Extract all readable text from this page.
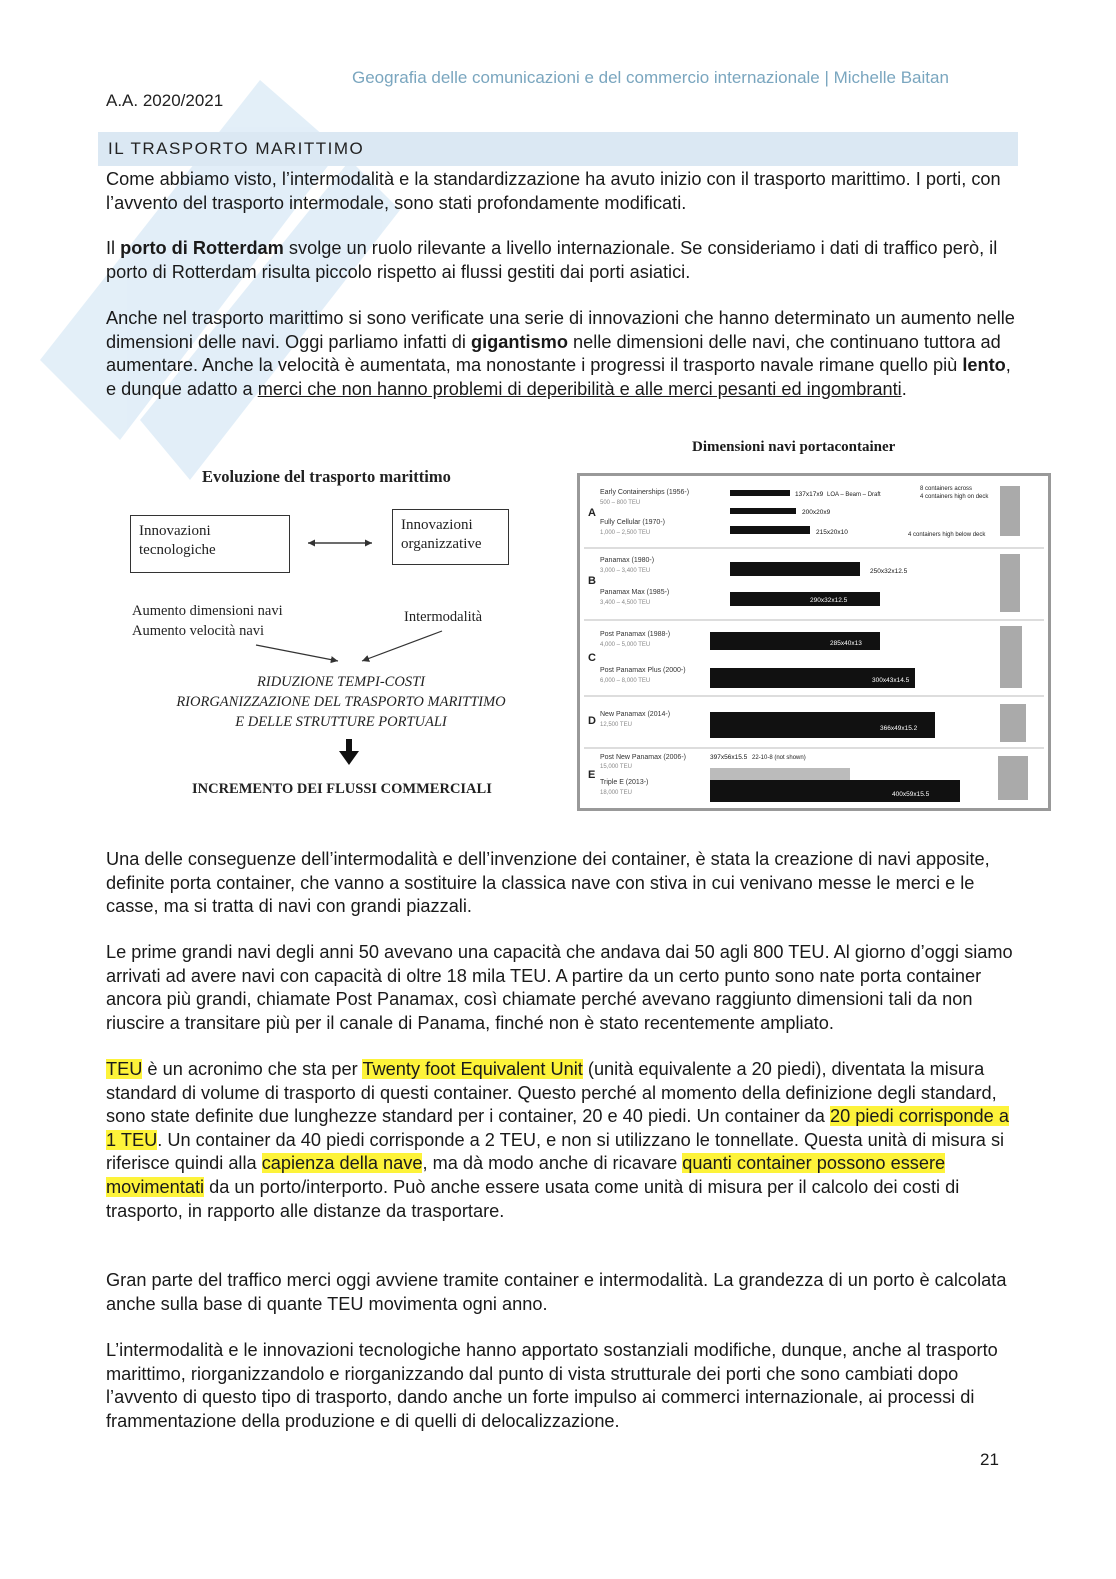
Geografia delle comunicazioni e del commercio internazionale | Michelle Baitan
A.A. 2020/2021
IL TRASPORTO MARITTIMO

Come abbiamo visto, l’intermodalità e la standardizzazione ha avuto inizio con il trasporto marittimo. I porti, con l’avvento del trasporto intermodale, sono stati profondamente modificati.

Il porto di Rotterdam svolge un ruolo rilevante a livello internazionale. Se consideriamo i dati di traffico però, il porto di Rotterdam risulta piccolo rispetto ai flussi gestiti dai porti asiatici.

Anche nel trasporto marittimo si sono verificate una serie di innovazioni che hanno determinato un aumento nelle dimensioni delle navi. Oggi parliamo infatti di gigantismo nelle dimensioni delle navi, che continuano tuttora ad aumentare. Anche la velocità è aumentata, ma nonostante i progressi il trasporto navale rimane quello più lento, e dunque adatto a merci che non hanno problemi di deperibilità e alle merci pesanti ed ingombranti.

Evoluzione del trasporto marittimo
Innovazioni tecnologiche
Innovazioni organizzative
Aumento dimensioni navi
Aumento velocità navi
Intermodalità
RIDUZIONE TEMPI-COSTI
RIORGANIZZAZIONE DEL TRASPORTO MARITTIMO
E DELLE STRUTTURE PORTUALI
INCREMENTO DEI FLUSSI COMMERCIALI
Dimensioni navi portacontainer
A
Early Containerships (1956-)
500 – 800 TEU
137x17x9 LOA – Beam – Draft
8 containers across
4 containers high on deck
200x20x9
Fully Cellular (1970-)
1,000 – 2,500 TEU	215x20x10	4 containers high below deck
B
Panamax (1980-)
3,000 – 3,400 TEU	250x32x12.5
Panamax Max (1985-)
3,400 – 4,500 TEU	290x32x12.5
C
Post Panamax (1988-)
4,000 – 5,000 TEU	285x40x13
Post Panamax Plus (2000-)
6,000 – 8,000 TEU	300x43x14.5
D
New Panamax (2014-)
12,500 TEU	366x49x15.2
E
Post New Panamax (2006-)
15,000 TEU
397x56x15.5 22-10-8 (not shown)
Triple E (2013-)
18,000 TEU	400x59x15.5

Una delle conseguenze dell’intermodalità e dell’invenzione dei container, è stata la creazione di navi apposite, definite porta container, che vanno a sostituire la classica nave con stiva in cui venivano messe le merci e le casse, ma si tratta di navi con grandi piazzali.

Le prime grandi navi degli anni 50 avevano una capacità che andava dai 50 agli 800 TEU. Al giorno d’oggi siamo arrivati ad avere navi con capacità di oltre 18 mila TEU. A partire da un certo punto sono nate porta container ancora più grandi, chiamate Post Panamax, così chiamate perché avevano raggiunto dimensioni tali da non riuscire a transitare più per il canale di Panama, finché non è stato recentemente ampliato.

TEU è un acronimo che sta per Twenty foot Equivalent Unit (unità equivalente a 20 piedi), diventata la misura standard di volume di trasporto di questi container. Questo perché al momento della definizione degli standard, sono state definite due lunghezze standard per i container, 20 e 40 piedi. Un container da 20 piedi corrisponde a 1 TEU. Un container da 40 piedi corrisponde a 2 TEU, e non si utilizzano le tonnellate. Questa unità di misura si riferisce quindi alla capienza della nave, ma dà modo anche di ricavare quanti container possono essere movimentati da un porto/interporto. Può anche essere usata come unità di misura per il calcolo dei costi di trasporto, in rapporto alle distanze da trasportare.

Gran parte del traffico merci oggi avviene tramite container e intermodalità. La grandezza di un porto è calcolata anche sulla base di quante TEU movimenta ogni anno.

L’intermodalità e le innovazioni tecnologiche hanno apportato sostanziali modifiche, dunque, anche al trasporto marittimo, riorganizzandolo e riorganizzando dal punto di vista strutturale dei porti che sono cambiati dopo l’avvento di questo tipo di trasporto, dando anche un forte impulso ai commerci internazionale, ai processi di frammentazione della produzione e di quelli di delocalizzazione.

21
